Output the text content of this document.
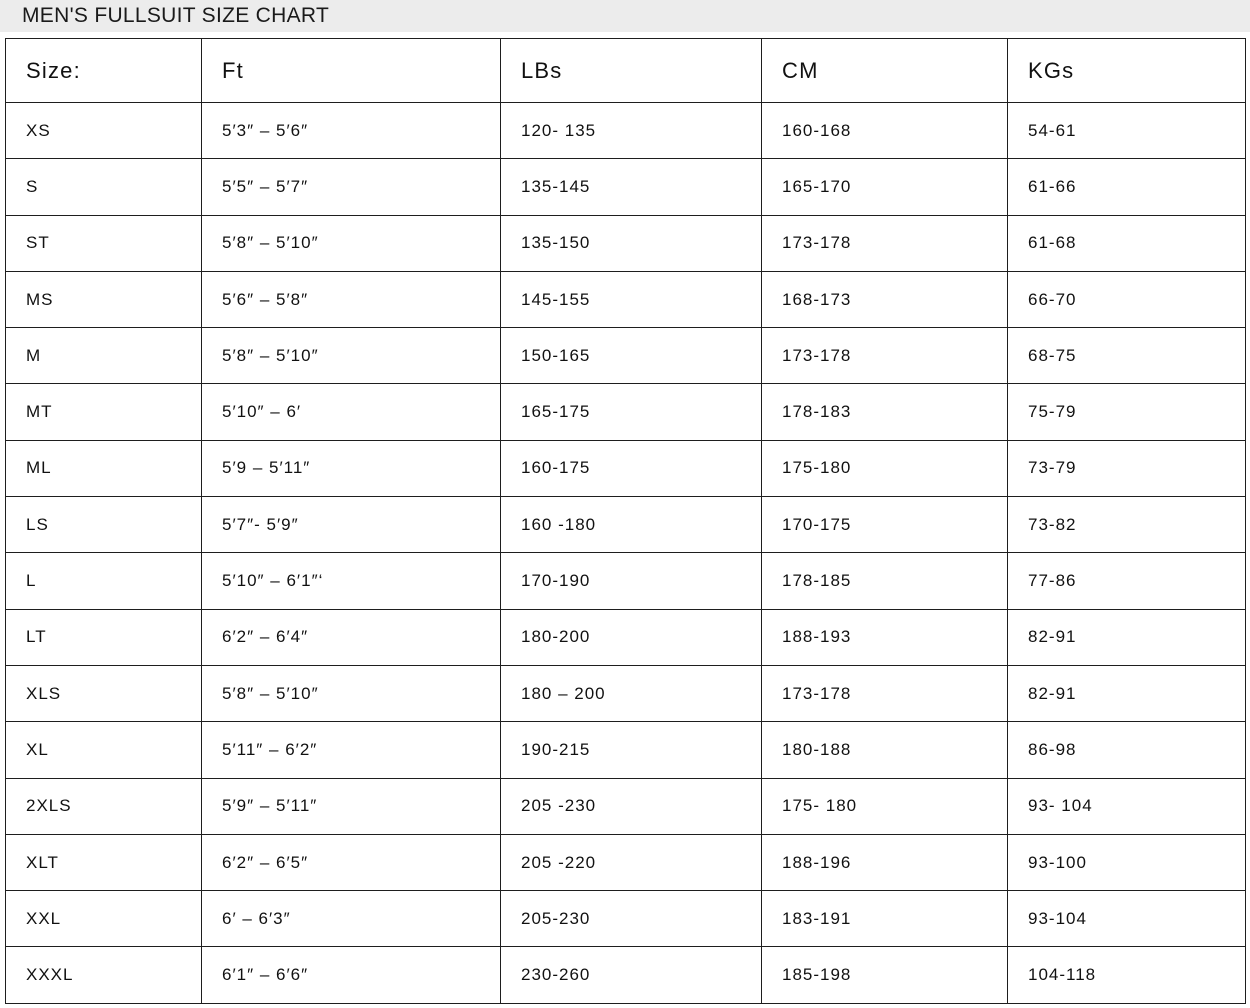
MEN'S FULLSUIT SIZE CHART
Size:	Ft	LBs	CM	KGs
XS	5′3″ – 5′6″	120- 135	160-168	54-61
S	5′5″ – 5′7″	135-145	165-170	61-66
ST	5′8″ – 5′10″	135-150	173-178	61-68
MS	5′6″ – 5′8″	145-155	168-173	66-70
M	5′8″ – 5′10″	150-165	173-178	68-75
MT	5′10″ – 6′	165-175	178-183	75-79
ML	5′9 – 5′11″	160-175	175-180	73-79
LS	5′7″- 5′9″	160 -180	170-175	73-82
L	5′10″ – 6′1″‘	170-190	178-185	77-86
LT	6′2″ – 6′4″	180-200	188-193	82-91
XLS	5′8″ – 5′10″	180 – 200	173-178	82-91
XL	5′11″ – 6′2″	190-215	180-188	86-98
2XLS	5′9″ – 5′11″	205 -230	175- 180	93- 104
XLT	6′2″ – 6′5″	205 -220	188-196	93-100
XXL	6′ – 6′3″	205-230	183-191	93-104
XXXL	6′1″ – 6′6″	230-260	185-198	104-118
